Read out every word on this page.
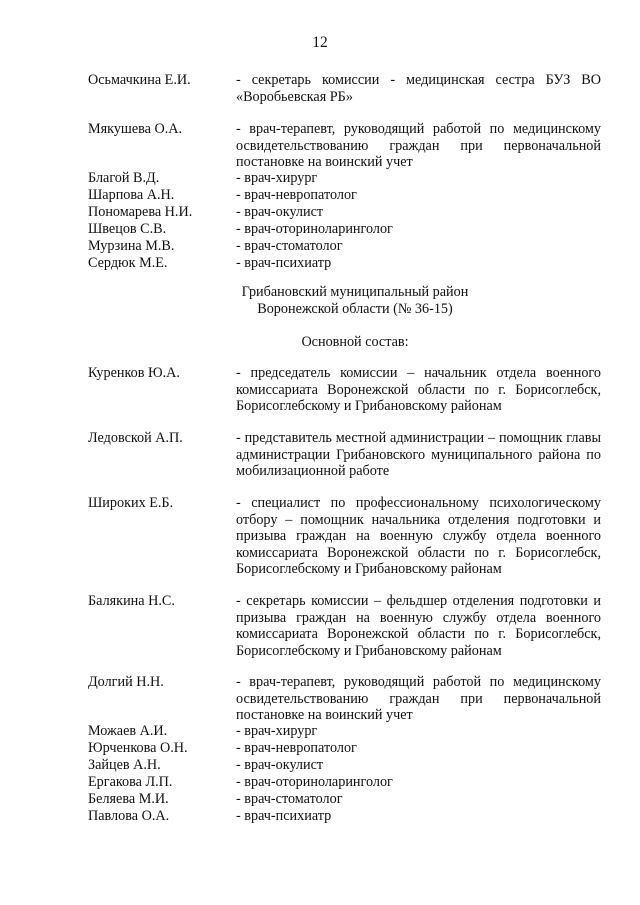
12
Осьмачкина Е.И.	- секретарь комиссии - медицинская сестра БУЗ ВО «Воробьевская РБ»
Мякушева О.А.	- врач-терапевт, руководящий работой по медицинскому освидетельствованию граждан при первоначальной постановке на воинский учет
Благой В.Д.	- врач-хирург
Шарпова А.Н.	- врач-невропатолог
Пономарева Н.И.	- врач-окулист
Швецов С.В.	- врач-оториноларинголог
Мурзина М.В.	- врач-стоматолог
Сердюк М.Е.	- врач-психиатр
Грибановский муниципальный район
Воронежской области (№ 36-15)
Основной состав:
Куренков Ю.А.	- председатель комиссии – начальник отдела военного комиссариата Воронежской области по г. Борисоглебск, Борисоглебскому и Грибановскому районам
Ледовской А.П.	- представитель местной администрации – помощник главы администрации Грибановского муниципального района по мобилизационной работе
Широких Е.Б.	- специалист по профессиональному психологическому отбору – помощник начальника отделения подготовки и призыва граждан на военную службу отдела военного комиссариата Воронежской области по г. Борисоглебск, Борисоглебскому и Грибановскому районам
Балякина Н.С.	- секретарь комиссии – фельдшер отделения подготовки и призыва граждан на военную службу отдела военного комиссариата Воронежской области по г. Борисоглебск, Борисоглебскому и Грибановскому районам
Долгий Н.Н.	- врач-терапевт, руководящий работой по медицинскому освидетельствованию граждан при первоначальной постановке на воинский учет
Можаев А.И.	- врач-хирург
Юрченкова О.Н.	- врач-невропатолог
Зайцев А.Н.	- врач-окулист
Ергакова Л.П.	- врач-оториноларинголог
Беляева М.И.	- врач-стоматолог
Павлова О.А.	- врач-психиатр
